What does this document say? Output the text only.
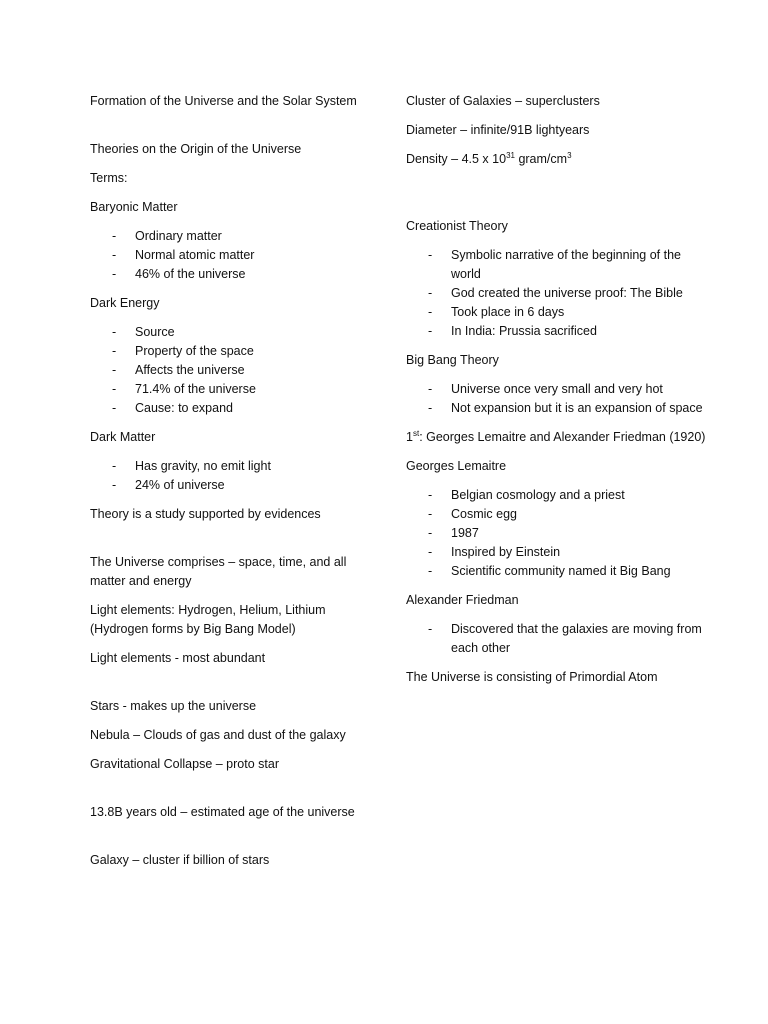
Formation of the Universe and the Solar System

Theories on the Origin of the Universe

Terms:

Baryonic Matter

- Ordinary matter
- Normal atomic matter
- 46% of the universe

Dark Energy

- Source
- Property of the space
- Affects the universe
- 71.4% of the universe
- Cause: to expand

Dark Matter

- Has gravity, no emit light
- 24% of universe

Theory is a study supported by evidences

The Universe comprises – space, time, and all matter and energy

Light elements: Hydrogen, Helium, Lithium (Hydrogen forms by Big Bang Model)

Light elements - most abundant

Stars - makes up the universe

Nebula – Clouds of gas and dust of the galaxy

Gravitational Collapse – proto star

13.8B years old – estimated age of the universe

Galaxy – cluster if billion of stars

Cluster of Galaxies – superclusters

Diameter – infinite/91B lightyears

Density – 4.5 x $10^{31}$ gram/$cm^3$

Creationist Theory

- Symbolic narrative of the beginning of the world
- God created the universe proof: The Bible
- Took place in 6 days
- In India: Prussia sacrificed

Big Bang Theory

- Universe once very small and very hot
- Not expansion but it is an expansion of space

1st: Georges Lemaitre and Alexander Friedman (1920)

Georges Lemaitre

- Belgian cosmology and a priest
- Cosmic egg
- 1987
- Inspired by Einstein
- Scientific community named it Big Bang

Alexander Friedman

- Discovered that the galaxies are moving from each other

The Universe is consisting of Primordial Atom
